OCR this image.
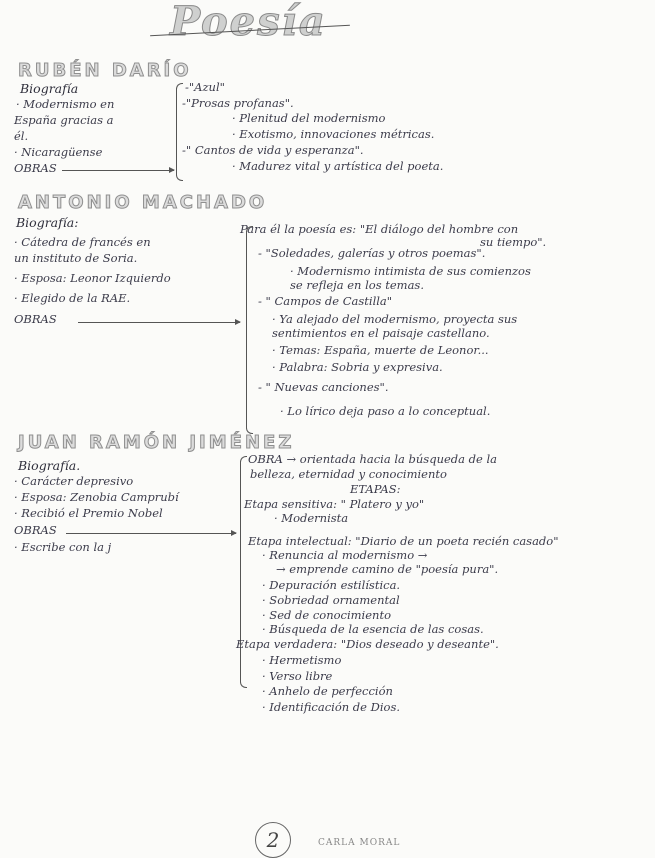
Poesía
RUBÉN DARÍO
Biografía
· Modernismo en
España gracias a
él.
· Nicaragüense
OBRAS
-"Azul"
-"Prosas profanas".
· Plenitud del modernismo
· Exotismo, innovaciones métricas.
-" Cantos de vida y esperanza".
· Madurez vital y artística del poeta.
ANTONIO MACHADO
Biografía:
· Cátedra de francés en
un instituto de Soria.
· Esposa: Leonor Izquierdo
· Elegido de la RAE.
OBRAS
Para él la poesía es: "El diálogo del hombre con
su tiempo".
- "Soledades, galerías y otros poemas".
· Modernismo intimista de sus comienzos
se refleja en los temas.
- " Campos de Castilla"
· Ya alejado del modernismo, proyecta sus
sentimientos en el paisaje castellano.
· Temas: España, muerte de Leonor...
· Palabra: Sobria y expresiva.
- " Nuevas canciones".
· Lo lírico deja paso a lo conceptual.
JUAN RAMÓN JIMÉNEZ
Biografía.
· Carácter depresivo
· Esposa: Zenobia Camprubí
· Recibió el Premio Nobel
OBRAS
· Escribe con la j
OBRA → orientada hacia la búsqueda de la
belleza, eternidad y conocimiento
ETAPAS:
Etapa sensitiva: " Platero y yo"
· Modernista
Etapa intelectual: "Diario de un poeta recién casado"
· Renuncia al modernismo →
→ emprende camino de "poesía pura".
· Depuración estilística.
· Sobriedad ornamental
· Sed de conocimiento
· Búsqueda de la esencia de las cosas.
Etapa verdadera: "Dios deseado y deseante".
· Hermetismo
· Verso libre
· Anhelo de perfección
· Identificación de Dios.
2	CARLA MORAL
